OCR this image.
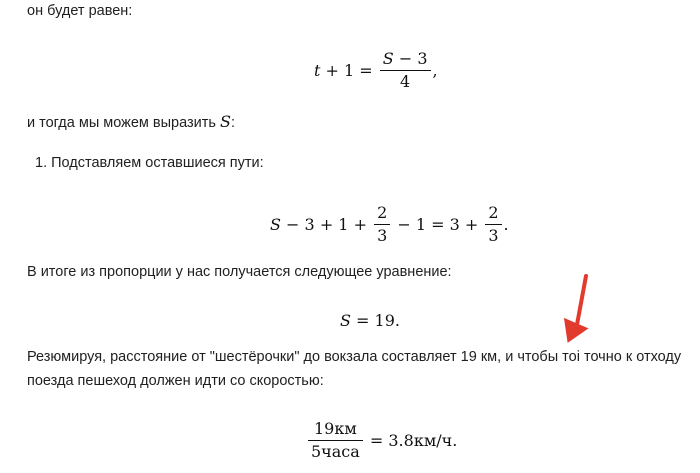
он будет равен:
$t + 1 = \frac{S - 3}{4}$ ,
и тогда мы можем выразить S:
1. Подставляем оставшиеся пути:
$S - 3 + 1 + \frac{2}{3} - 1 = 3 + \frac{2}{3}$ .
В итоге из пропорции у нас получается следующее уравнение:
S = 19.
Резюмируя, расстояние от "шестёрочки" до вокзала составляет 19 км, и чтобы тоі точно к отходу
поезда пешеход должен идти со скоростью:
$\frac{19км}{\text{5часа}} = 3.8км/ч$.
